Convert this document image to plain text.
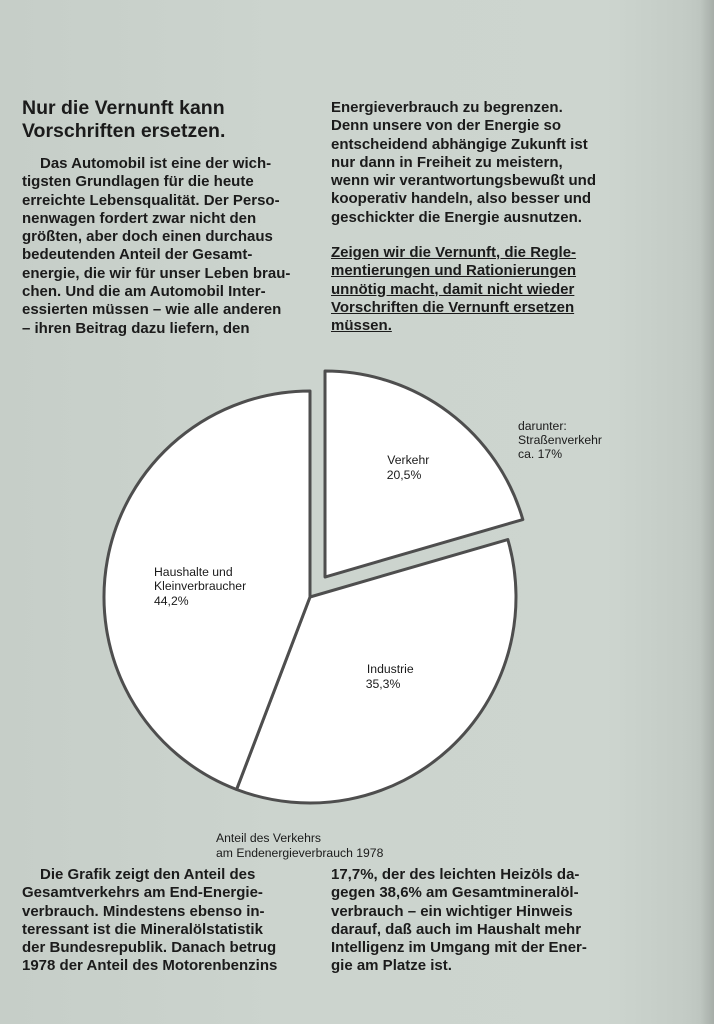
Nur die Vernunft kann
Vorschriften ersetzen.
Das Automobil ist eine der wich-
tigsten Grundlagen für die heute
erreichte Lebensqualität. Der Perso-
nenwagen fordert zwar nicht den
größten, aber doch einen durchaus
bedeutenden Anteil der Gesamt-
energie, die wir für unser Leben brau-
chen. Und die am Automobil Inter-
essierten müssen – wie alle anderen
– ihren Beitrag dazu liefern, den
Energieverbrauch zu begrenzen.
Denn unsere von der Energie so
entscheidend abhängige Zukunft ist
nur dann in Freiheit zu meistern,
wenn wir verantwortungsbewußt und
kooperativ handeln, also besser und
geschickter die Energie ausnutzen.
Zeigen wir die Vernunft, die Regle-
mentierungen und Rationierungen
unnötig macht, damit nicht wieder
Vorschriften die Vernunft ersetzen
müssen.
Verkehr 20,5%
Industrie 35,3%
Haushalte und Kleinverbraucher 44,2%
darunter: Straßenverkehr ca. 17%
Anteil des Verkehrs am Endenergieverbrauch 1978
Die Grafik zeigt den Anteil des
Gesamtverkehrs am End-Energie-
verbrauch. Mindestens ebenso in-
teressant ist die Mineralölstatistik
der Bundesrepublik. Danach betrug
1978 der Anteil des Motorenbenzins
17,7%, der des leichten Heizöls da-
gegen 38,6% am Gesamtmineralöl-
verbrauch – ein wichtiger Hinweis
darauf, daß auch im Haushalt mehr
Intelligenz im Umgang mit der Ener-
gie am Platze ist.
